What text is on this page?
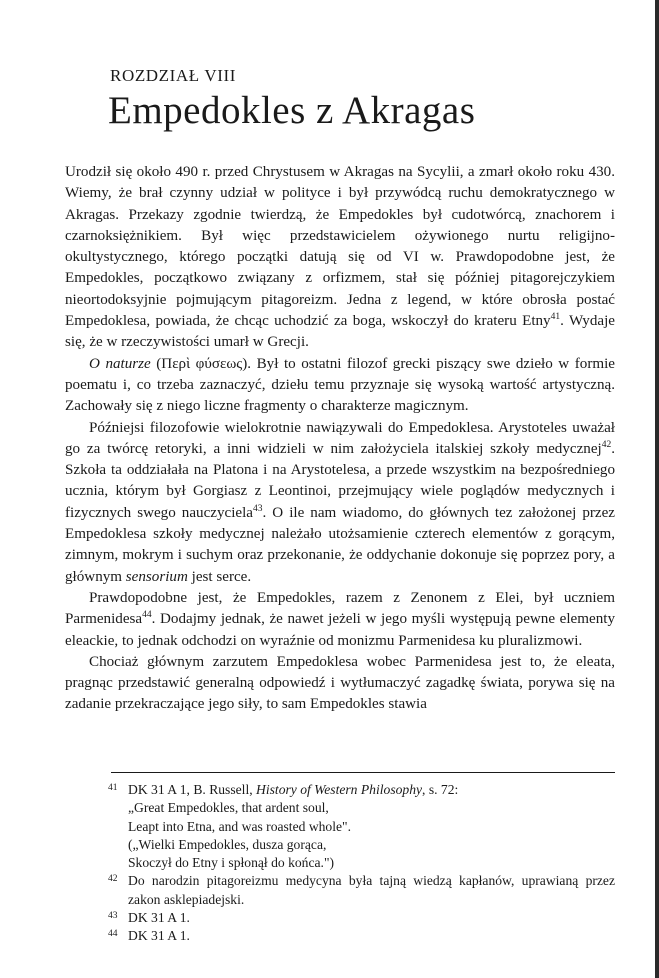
ROZDZIAŁ VIII
Empedokles z Akragas

Urodził się około 490 r. przed Chrystusem w Akragas na Sycylii, a zmarł około roku 430. Wiemy, że brał czynny udział w polityce i był przywódcą ruchu demokratycznego w Akragas. Przekazy zgodnie twierdzą, że Empedokles był cudotwórcą, znachorem i czarnoksiężnikiem. Był więc przedstawicielem ożywionego nurtu religijno-okultystycznego, którego początki datują się od VI w. Prawdopodobne jest, że Empedokles, początkowo związany z orfizmem, stał się później pitagorejczykiem nieortodoksyjnie pojmującym pitagoreizm. Jedna z legend, w które obrosła postać Empedoklesa, powiada, że chcąc uchodzić za boga, wskoczył do krateru Etny$^{41}$. Wydaje się, że w rzeczywistości umarł w Grecji.

O naturze (Περὶ φύσεως). Był to ostatni filozof grecki piszący swe dzieło w formie poematu i, co trzeba zaznaczyć, dziełu temu przyznaje się wysoką wartość artystyczną. Zachowały się z niego liczne fragmenty o charakterze magicznym.

Późniejsi filozofowie wielokrotnie nawiązywali do Empedoklesa. Arystoteles uważał go za twórcę retoryki, a inni widzieli w nim założyciela italskiej szkoły medycznej$^{42}$. Szkoła ta oddziałała na Platona i na Arystotelesa, a przede wszystkim na bezpośredniego ucznia, którym był Gorgiasz z Leontinoi, przejmujący wiele poglądów medycznych i fizycznych swego nauczyciela$^{43}$. O ile nam wiadomo, do głównych tez założonej przez Empedoklesa szkoły medycznej należało utożsamienie czterech elementów z gorącym, zimnym, mokrym i suchym oraz przekonanie, że oddychanie dokonuje się poprzez pory, a głównym sensorium jest serce.

Prawdopodobne jest, że Empedokles, razem z Zenonem z Elei, był uczniem Parmenidesa$^{44}$. Dodajmy jednak, że nawet jeżeli w jego myśli występują pewne elementy eleackie, to jednak odchodzi on wyraźnie od monizmu Parmenidesa ku pluralizmowi.

Chociaż głównym zarzutem Empedoklesa wobec Parmenidesa jest to, że eleata, pragnąc przedstawić generalną odpowiedź i wytłumaczyć zagadkę świata, porywa się na zadanie przekraczające jego siły, to sam Empedokles stawia

41 DK 31 A 1, B. Russell, History of Western Philosophy, s. 72:
„Great Empedokles, that ardent soul,
Leapt into Etna, and was roasted whole".
(„Wielki Empedokles, dusza gorąca,
Skoczył do Etny i spłonął do końca.")
42 Do narodzin pitagoreizmu medycyna była tajną wiedzą kapłanów, uprawianą przez zakon asklepiadejski.
43 DK 31 A 1.
44 DK 31 A 1.
